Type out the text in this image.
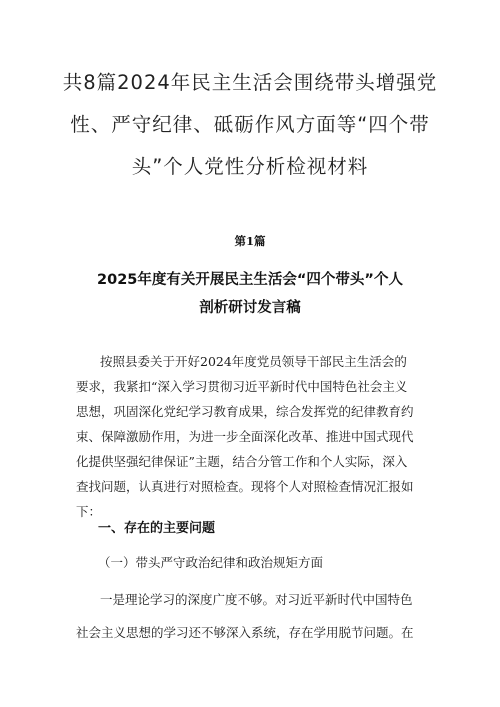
共8篇2024年民主生活会围绕带头增强党
性、严守纪律、砥砺作风方面等“四个带
头”个人党性分析检视材料
第1篇
2025年度有关开展民主生活会“四个带头”个人
剖析研讨发言稿
按照县委关于开好2024年度党员领导干部民主生活会的
要求，我紧扣“深入学习贯彻习近平新时代中国特色社会主义
思想，巩固深化党纪学习教育成果，综合发挥党的纪律教育约
束、保障激励作用，为进一步全面深化改革、推进中国式现代
化提供坚强纪律保证”主题，结合分管工作和个人实际，深入
查找问题，认真进行对照检查。现将个人对照检查情况汇报如
下：
一、存在的主要问题
（一）带头严守政治纪律和政治规矩方面
一是理论学习的深度广度不够。对习近平新时代中国特色
社会主义思想的学习还不够深入系统，存在学用脱节问题。在
